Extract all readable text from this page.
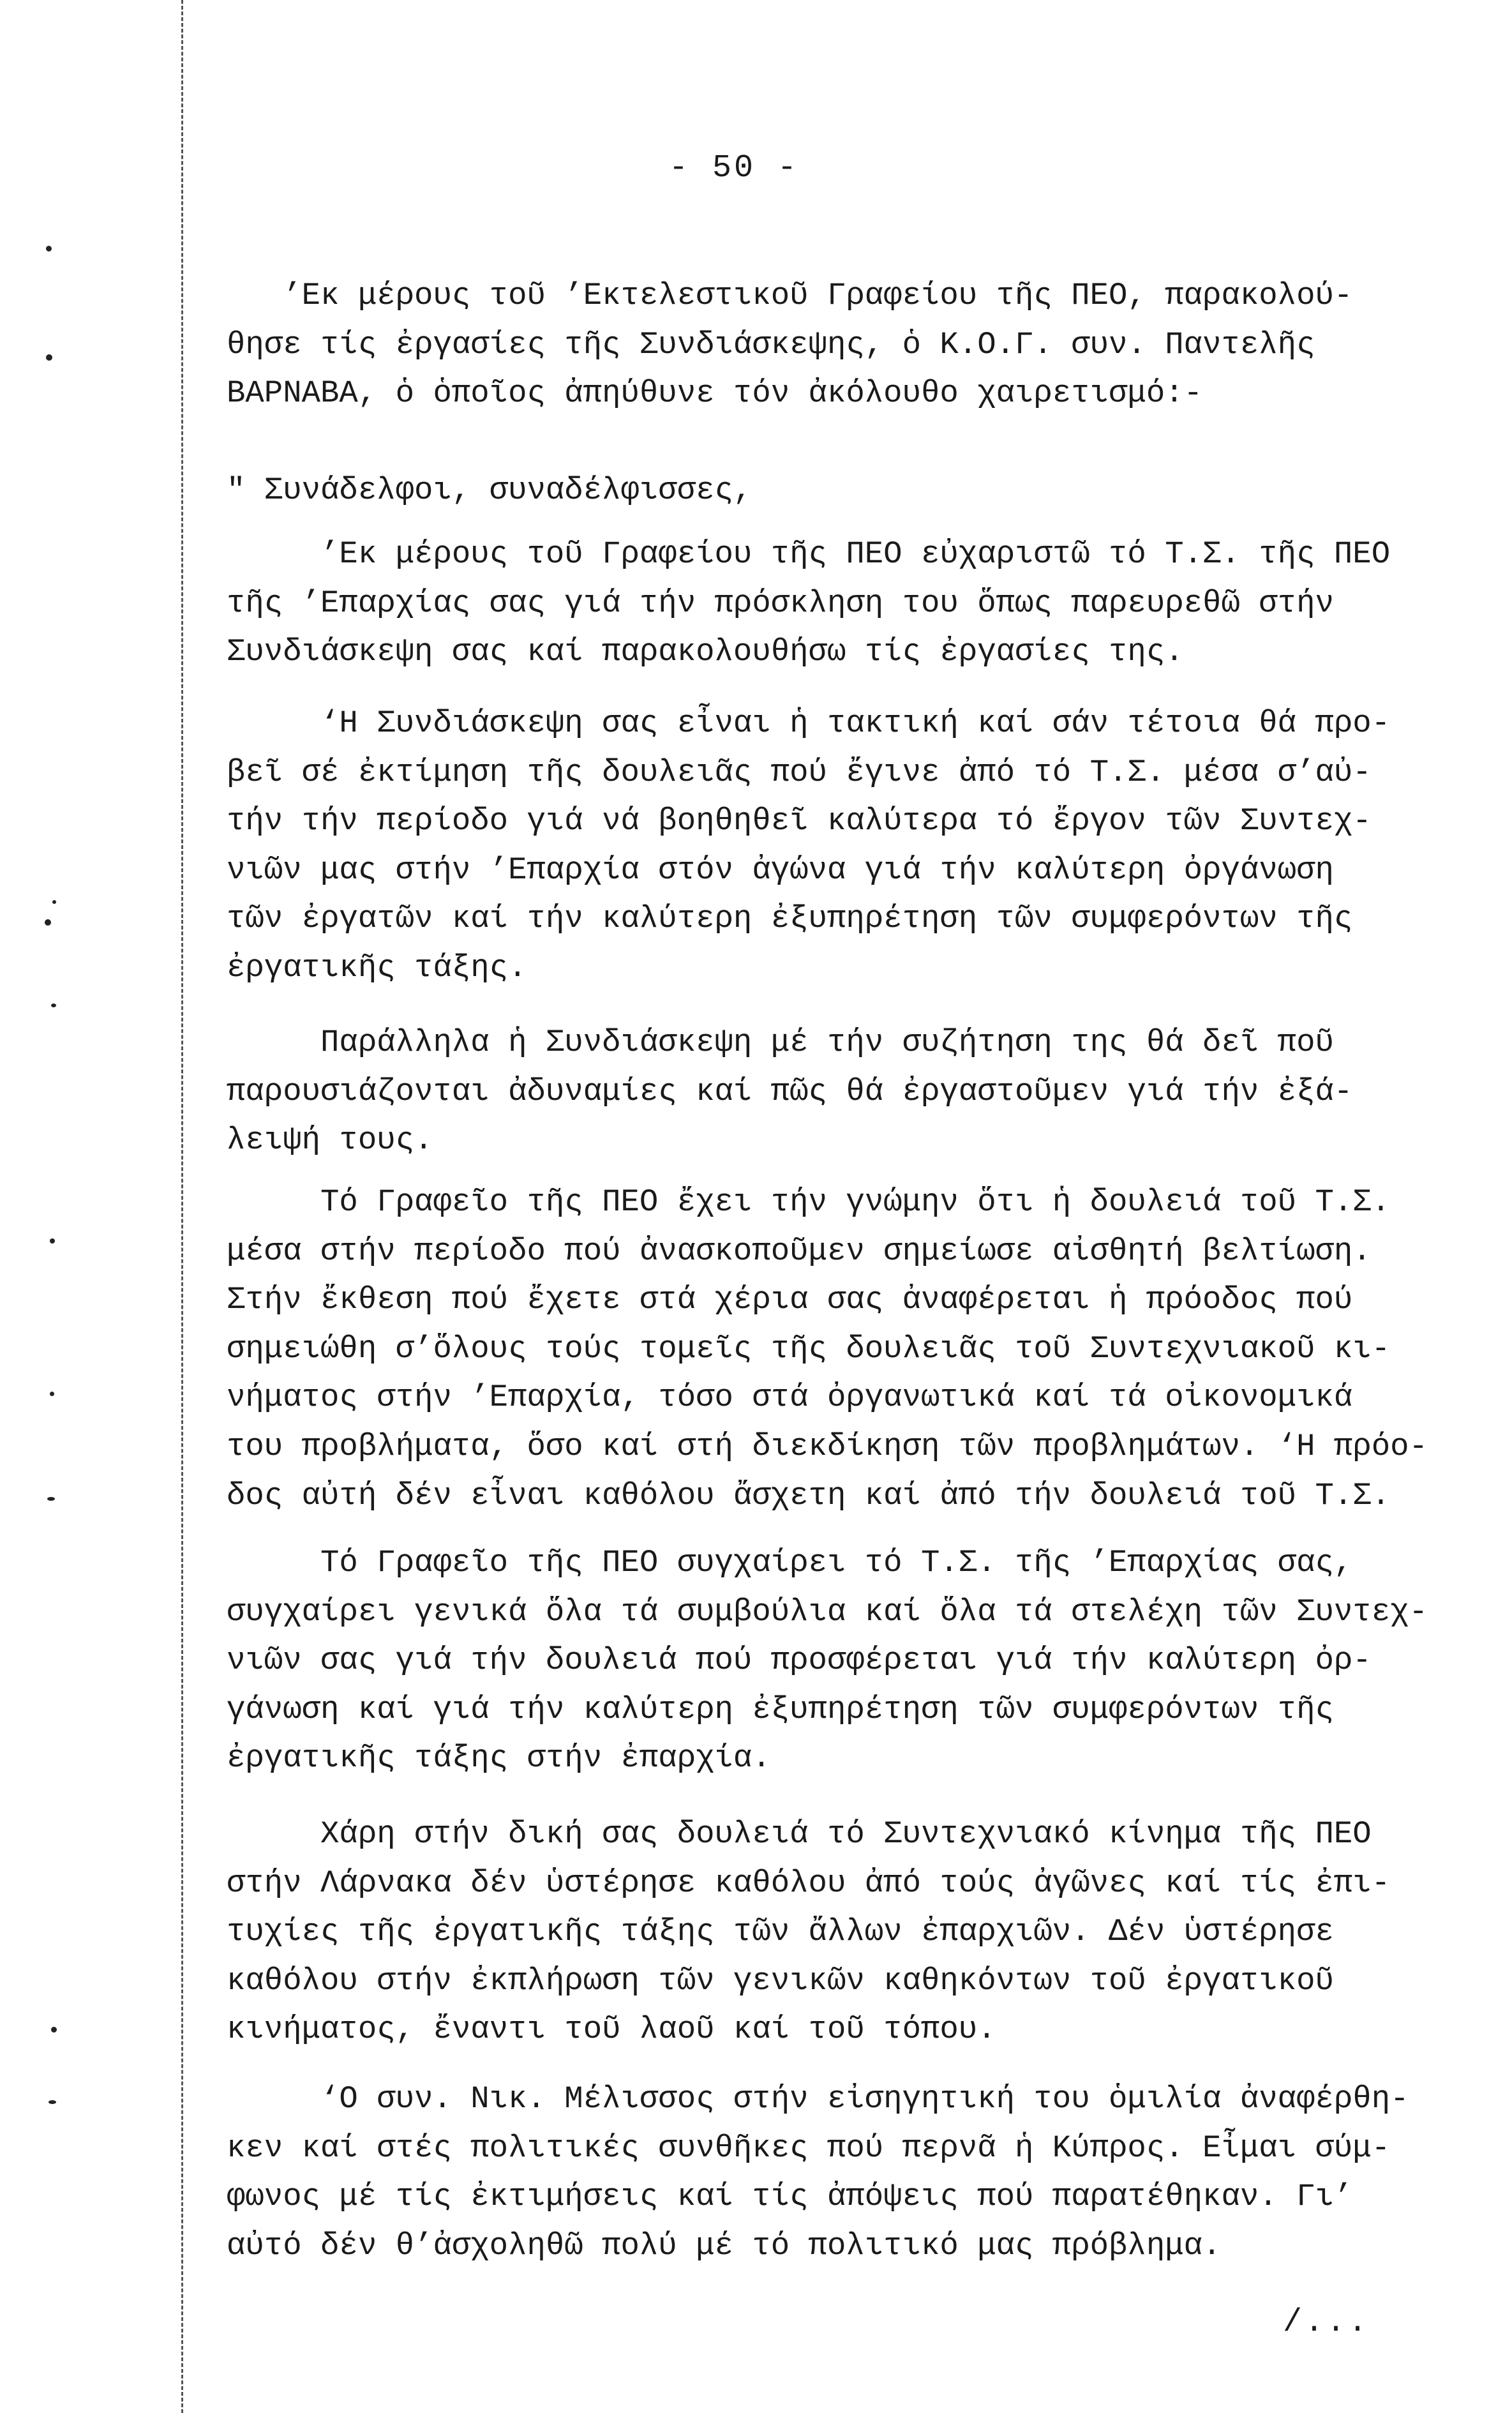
- 50 -
’Εκ μέρους τοῦ ’Εκτελεστικοῦ Γραφείου τῆς ΠΕΟ, παρακολού-
θησε τίς ἐργασίες τῆς Συνδιάσκεψης, ὁ Κ.Ο.Γ. συν. Παντελῆς
ΒΑΡΝΑΒΑ, ὁ ὁποῖος ἀπηύθυνε τόν ἀκόλουθο χαιρετισμό:-
" Συνάδελφοι, συναδέλφισσες,
’Εκ μέρους τοῦ Γραφείου τῆς ΠΕΟ εὐχαριστῶ τό Τ.Σ. τῆς ΠΕΟ
τῆς ’Επαρχίας σας γιά τήν πρόσκληση του ὅπως παρευρεθῶ στήν
Συνδιάσκεψη σας καί παρακολουθήσω τίς ἐργασίες της.
‘Η Συνδιάσκεψη σας εἶναι ἡ τακτική καί σάν τέτοια θά προ-
βεῖ σέ ἐκτίμηση τῆς δουλειᾶς πού ἔγινε ἀπό τό Τ.Σ. μέσα σ’αὐ-
τήν τήν περίοδο γιά νά βοηθηθεῖ καλύτερα τό ἔργον τῶν Συντεχ-
νιῶν μας στήν ’Επαρχία στόν ἀγώνα γιά τήν καλύτερη ὀργάνωση
τῶν ἐργατῶν καί τήν καλύτερη ἐξυπηρέτηση τῶν συμφερόντων τῆς
ἐργατικῆς τάξης.
Παράλληλα ἡ Συνδιάσκεψη μέ τήν συζήτηση της θά δεῖ ποῦ
παρουσιάζονται ἀδυναμίες καί πῶς θά ἐργαστοῦμεν γιά τήν ἐξά-
λειψή τους.
Τό Γραφεῖο τῆς ΠΕΟ ἔχει τήν γνώμην ὅτι ἡ δουλειά τοῦ Τ.Σ.
μέσα στήν περίοδο πού ἀνασκοποῦμεν σημείωσε αἰσθητή βελτίωση.
Στήν ἔκθεση πού ἔχετε στά χέρια σας ἀναφέρεται ἡ πρόοδος πού
σημειώθη σ’ὅλους τούς τομεῖς τῆς δουλειᾶς τοῦ Συντεχνιακοῦ κι-
νήματος στήν ’Επαρχία, τόσο στά ὀργανωτικά καί τά οἰκονομικά
του προβλήματα, ὅσο καί στή διεκδίκηση τῶν προβλημάτων. ‘Η πρόο-
δος αὐτή δέν εἶναι καθόλου ἄσχετη καί ἀπό τήν δουλειά τοῦ Τ.Σ.
Τό Γραφεῖο τῆς ΠΕΟ συγχαίρει τό Τ.Σ. τῆς ’Επαρχίας σας,
συγχαίρει γενικά ὅλα τά συμβούλια καί ὅλα τά στελέχη τῶν Συντεχ-
νιῶν σας γιά τήν δουλειά πού προσφέρεται γιά τήν καλύτερη ὀρ-
γάνωση καί γιά τήν καλύτερη ἐξυπηρέτηση τῶν συμφερόντων τῆς
ἐργατικῆς τάξης στήν ἐπαρχία.
Χάρη στήν δική σας δουλειά τό Συντεχνιακό κίνημα τῆς ΠΕΟ
στήν Λάρνακα δέν ὑστέρησε καθόλου ἀπό τούς ἀγῶνες καί τίς ἐπι-
τυχίες τῆς ἐργατικῆς τάξης τῶν ἄλλων ἐπαρχιῶν. Δέν ὑστέρησε
καθόλου στήν ἐκπλήρωση τῶν γενικῶν καθηκόντων τοῦ ἐργατικοῦ
κινήματος, ἔναντι τοῦ λαοῦ καί τοῦ τόπου.
‘Ο συν. Νικ. Μέλισσος στήν εἰσηγητική του ὁμιλία ἀναφέρθη-
κεν καί στές πολιτικές συνθῆκες πού περνᾶ ἡ Κύπρος. Εἶμαι σύμ-
φωνος μέ τίς ἐκτιμήσεις καί τίς ἀπόψεις πού παρατέθηκαν. Γι’
αὐτό δέν θ’ἀσχοληθῶ πολύ μέ τό πολιτικό μας πρόβλημα.
/...
